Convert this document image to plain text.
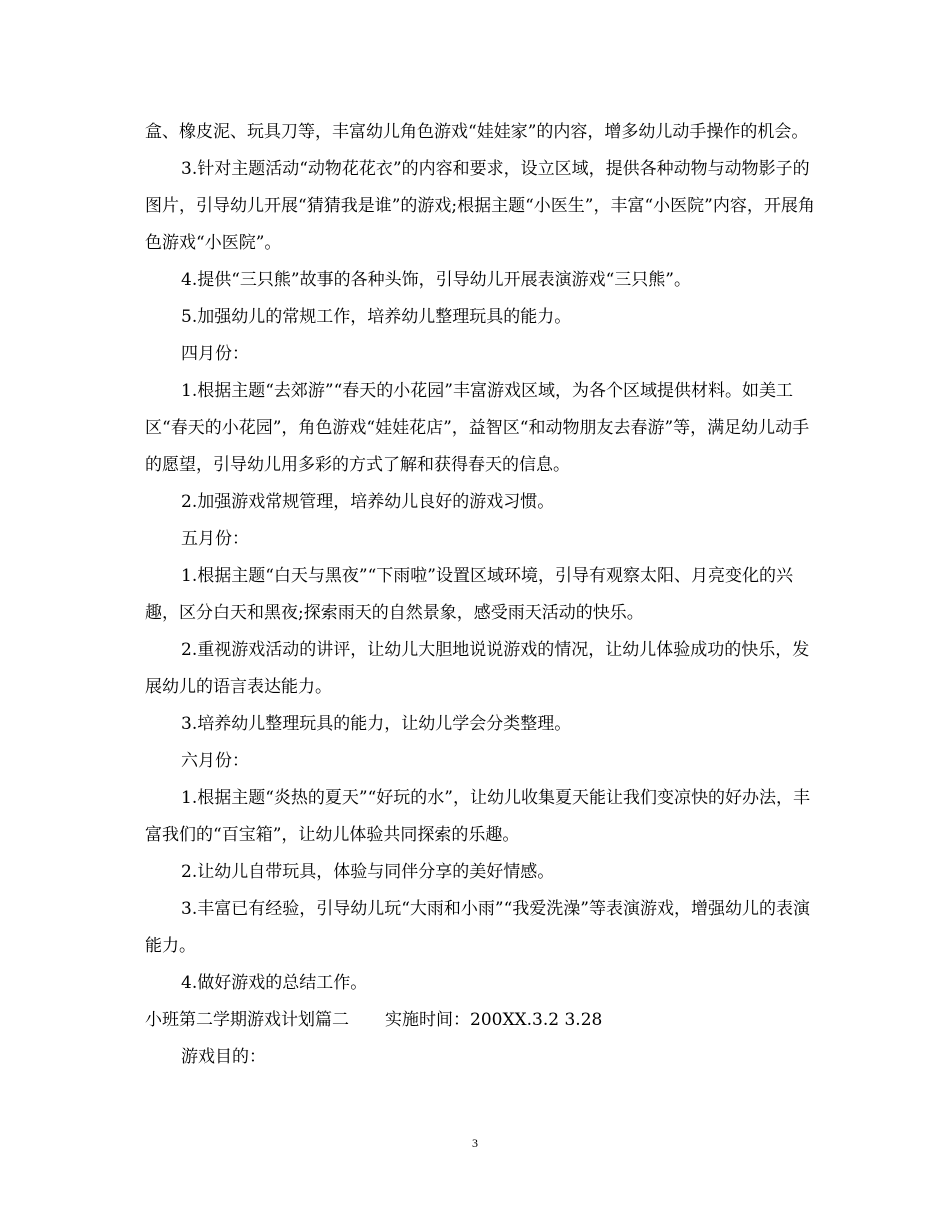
盒、橡皮泥、玩具刀等，丰富幼儿角色游戏“娃娃家”的内容，增多幼儿动手操作的机会。

3.针对主题活动“动物花花衣”的内容和要求，设立区域，提供各种动物与动物影子的图片，引导幼儿开展“猜猜我是谁”的游戏;根据主题“小医生”，丰富“小医院”内容，开展角色游戏“小医院”。

4.提供“三只熊”故事的各种头饰，引导幼儿开展表演游戏“三只熊”。

5.加强幼儿的常规工作，培养幼儿整理玩具的能力。

四月份：

1.根据主题“去郊游”“春天的小花园”丰富游戏区域，为各个区域提供材料。如美工区“春天的小花园”，角色游戏“娃娃花店”，益智区“和动物朋友去春游”等，满足幼儿动手的愿望，引导幼儿用多彩的方式了解和获得春天的信息。

2.加强游戏常规管理，培养幼儿良好的游戏习惯。

五月份：

1.根据主题“白天与黑夜”“下雨啦”设置区域环境，引导有观察太阳、月亮变化的兴趣，区分白天和黑夜;探索雨天的自然景象，感受雨天活动的快乐。

2.重视游戏活动的讲评，让幼儿大胆地说说游戏的情况，让幼儿体验成功的快乐，发展幼儿的语言表达能力。

3.培养幼儿整理玩具的能力，让幼儿学会分类整理。

六月份：

1.根据主题“炎热的夏天”“好玩的水”，让幼儿收集夏天能让我们变凉快的好办法，丰富我们的“百宝箱”，让幼儿体验共同探索的乐趣。

2.让幼儿自带玩具，体验与同伴分享的美好情感。

3.丰富已有经验，引导幼儿玩“大雨和小雨”“我爱洗澡”等表演游戏，增强幼儿的表演能力。

4.做好游戏的总结工作。

小班第二学期游戏计划篇二 实施时间：200XX.3.2 3.28

游戏目的：

3
